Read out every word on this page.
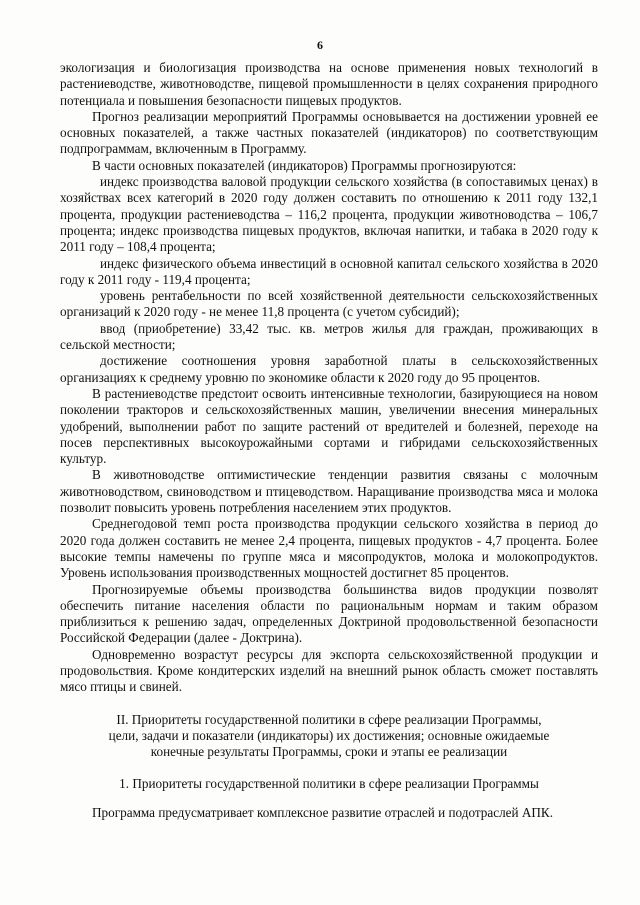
6

экологизация и биологизация производства на основе применения новых технологий в растениеводстве, животноводстве, пищевой промышленности в целях сохранения природного потенциала и повышения безопасности пищевых продуктов.

Прогноз реализации мероприятий Программы основывается на достижении уровней ее основных показателей, а также частных показателей (индикаторов) по соответствующим подпрограммам, включенным в Программу.

В части основных показателей (индикаторов) Программы прогнозируются:

индекс производства валовой продукции сельского хозяйства (в сопоставимых ценах) в хозяйствах всех категорий в 2020 году должен составить по отношению к 2011 году 132,1 процента, продукции растениеводства – 116,2 процента, продукции животноводства – 106,7 процента; индекс производства пищевых продуктов, включая напитки, и табака в 2020 году к 2011 году – 108,4 процента;

индекс физического объема инвестиций в основной капитал сельского хозяйства в 2020 году к 2011 году - 119,4 процента;

уровень рентабельности по всей хозяйственной деятельности сельскохозяйственных организаций к 2020 году - не менее 11,8 процента (с учетом субсидий);

ввод (приобретение) 33,42 тыс. кв. метров жилья для граждан, проживающих в сельской местности;

достижение соотношения уровня заработной платы в сельскохозяйственных организациях к среднему уровню по экономике области к 2020 году до 95 процентов.

В растениеводстве предстоит освоить интенсивные технологии, базирующиеся на новом поколении тракторов и сельскохозяйственных машин, увеличении внесения минеральных удобрений, выполнении работ по защите растений от вредителей и болезней, переходе на посев перспективных высокоурожайными сортами и гибридами сельскохозяйственных культур.

В животноводстве оптимистические тенденции развития связаны с молочным животноводством, свиноводством и птицеводством. Наращивание производства мяса и молока позволит повысить уровень потребления населением этих продуктов.

Среднегодовой темп роста производства продукции сельского хозяйства в период до 2020 года должен составить не менее 2,4 процента, пищевых продуктов - 4,7 процента. Более высокие темпы намечены по группе мяса и мясопродуктов, молока и молокопродуктов. Уровень использования производственных мощностей достигнет 85 процентов.

Прогнозируемые объемы производства большинства видов продукции позволят обеспечить питание населения области по рациональным нормам и таким образом приблизиться к решению задач, определенных Доктриной продовольственной безопасности Российской Федерации (далее - Доктрина).

Одновременно возрастут ресурсы для экспорта сельскохозяйственной продукции и продовольствия. Кроме кондитерских изделий на внешний рынок область сможет поставлять мясо птицы и свиней.

II. Приоритеты государственной политики в сфере реализации Программы,

цели, задачи и показатели (индикаторы) их достижения; основные ожидаемые

конечные результаты Программы, сроки и этапы ее реализации

1. Приоритеты государственной политики в сфере реализации Программы

Программа предусматривает комплексное развитие отраслей и подотраслей АПК.
